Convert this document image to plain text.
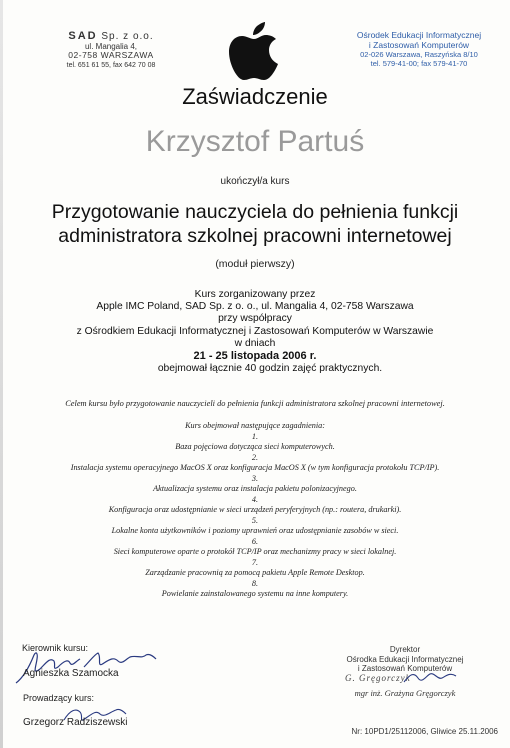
SAD Sp. z o.o.
ul. Mangalia 4,
02-758 WARSZAWA
tel. 651 61 55, fax 642 70 08
Ośrodek Edukacji Informatycznej
i Zastosowań Komputerów
02-026 Warszawa, Raszyńska 8/10
tel. 579-41-00; fax 579-41-70
Zaświadczenie
Krzysztof Partuś
ukończył/a kurs
Przygotowanie nauczyciela do pełnienia funkcji
administratora szkolnej pracowni internetowej
(moduł pierwszy)
Kurs zorganizowany przez
Apple IMC Poland, SAD Sp. z o. o., ul. Mangalia 4, 02-758 Warszawa
przy współpracy
z Ośrodkiem Edukacji Informatycznej i Zastosowań Komputerów w Warszawie
w dniach
21 - 25 listopada 2006 r.
obejmował łącznie 40 godzin zajęć praktycznych.
Celem kursu było przygotowanie nauczycieli do pełnienia funkcji administratora szkolnej pracowni internetowej.
Kurs obejmował następujące zagadnienia:
1.
Baza pojęciowa dotycząca sieci komputerowych.
2.
Instalacja systemu operacyjnego MacOS X oraz konfiguracja MacOS X (w tym konfiguracja protokołu TCP/IP).
3.
Aktualizacja systemu oraz instalacja pakietu polonizacyjnego.
4.
Konfiguracja oraz udostępnianie w sieci urządzeń peryferyjnych (np.: routera, drukarki).
5.
Lokalne konta użytkowników i poziomy uprawnień oraz udostępnianie zasobów w sieci.
6.
Sieci komputerowe oparte o protokół TCP/IP oraz mechanizmy pracy w sieci lokalnej.
7.
Zarządzanie pracownią za pomocą pakietu Apple Remote Desktop.
8.
Powielanie zainstalowanego systemu na inne komputery.
Kierownik kursu:
Agnieszka Szamocka
Prowadzący kurs:
Grzegorz Radziszewski
Dyrektor
Ośrodka Edukacji Informatycznej
i Zastosowań Komputerów
G. Gręgorczyk
mgr inż. Grażyna Gręgorczyk
Nr: 10PD1/25112006, Gliwice 25.11.2006
